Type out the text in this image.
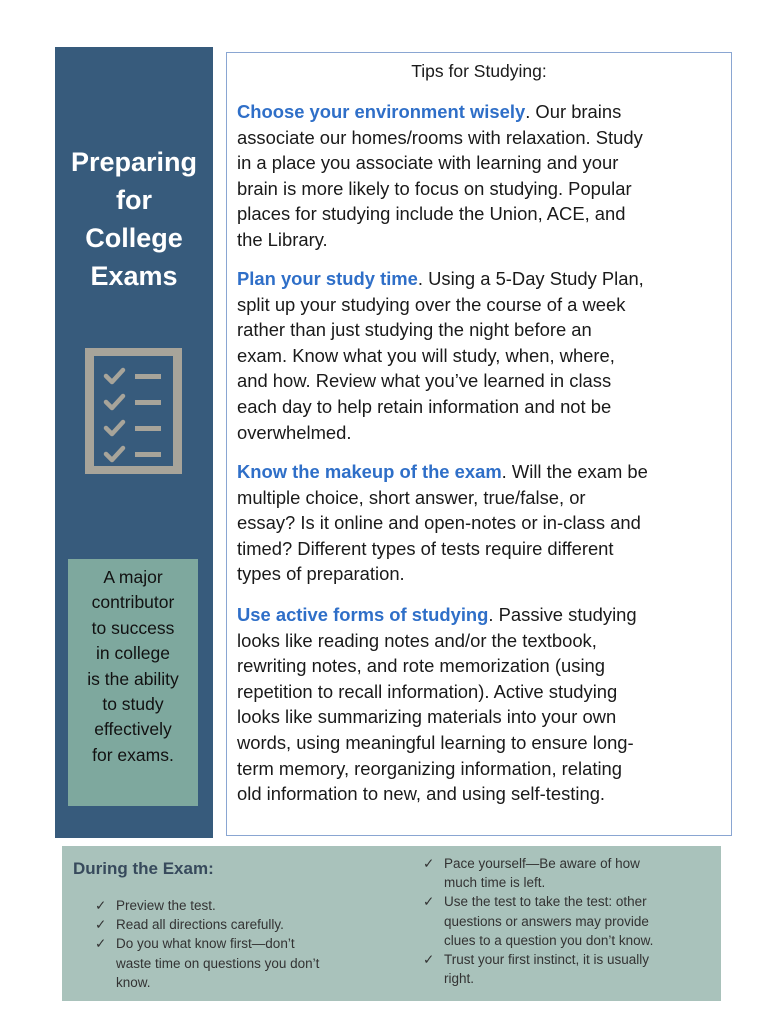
Preparing
for
College
Exams
A major
contributor
to success
in college
is the ability
to study
effectively
for exams.
Tips for Studying:
Choose your environment wisely. Our brains
associate our homes/rooms with relaxation. Study
in a place you associate with learning and your
brain is more likely to focus on studying. Popular
places for studying include the Union, ACE, and
the Library.
Plan your study time. Using a 5-Day Study Plan,
split up your studying over the course of a week
rather than just studying the night before an
exam. Know what you will study, when, where,
and how. Review what you’ve learned in class
each day to help retain information and not be
overwhelmed.
Know the makeup of the exam. Will the exam be
multiple choice, short answer, true/false, or
essay? Is it online and open-notes or in-class and
timed? Different types of tests require different
types of preparation.
Use active forms of studying. Passive studying
looks like reading notes and/or the textbook,
rewriting notes, and rote memorization (using
repetition to recall information). Active studying
looks like summarizing materials into your own
words, using meaningful learning to ensure long-
term memory, reorganizing information, relating
old information to new, and using self-testing.
During the Exam:
✓ Preview the test.
✓ Read all directions carefully.
✓ Do you what know first—don’t
waste time on questions you don’t
know.
✓ Pace yourself—Be aware of how
much time is left.
✓ Use the test to take the test: other
questions or answers may provide
clues to a question you don’t know.
✓ Trust your first instinct, it is usually
right.
